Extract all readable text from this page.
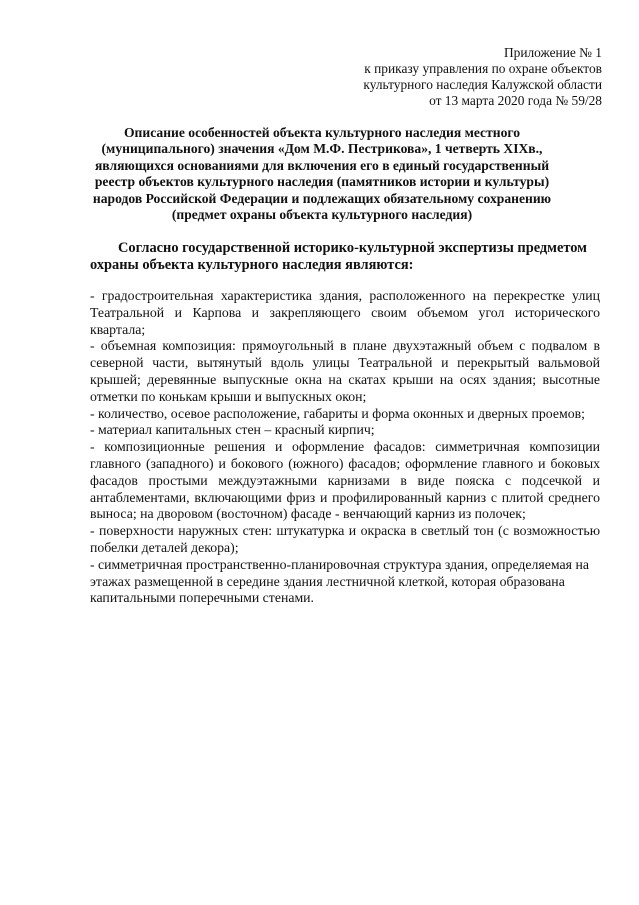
Приложение № 1
к приказу управления по охране объектов
культурного наследия Калужской области
от 13 марта 2020 года № 59/28
Описание особенностей объекта культурного наследия местного
(муниципального) значения «Дом М.Ф. Пестрикова», 1 четверть XIXв.,
являющихся основаниями для включения его в единый государственный
реестр объектов культурного наследия (памятников истории и культуры)
народов Российской Федерации и подлежащих обязательному сохранению
(предмет охраны объекта культурного наследия)
Согласно государственной историко-культурной экспертизы предметом
охраны объекта культурного наследия являются:

- градостроительная характеристика здания, расположенного на перекрестке улиц Театральной и Карпова и закрепляющего своим объемом угол исторического квартала;

- объемная композиция: прямоугольный в плане двухэтажный объем с подвалом в северной части, вытянутый вдоль улицы Театральной и перекрытый вальмовой крышей; деревянные выпускные окна на скатах крыши на осях здания; высотные отметки по конькам крыши и выпускных окон;

- количество, осевое расположение, габариты и форма оконных и дверных проемов;

- материал капитальных стен – красный кирпич;

- композиционные решения и оформление фасадов: симметричная композиции главного (западного) и бокового (южного) фасадов; оформление главного и боковых фасадов простыми междуэтажными карнизами в виде пояска с подсечкой и антаблементами, включающими фриз и профилированный карниз с плитой среднего выноса; на дворовом (восточном) фасаде - венчающий карниз из полочек;

- поверхности наружных стен: штукатурка и окраска в светлый тон (с возможностью побелки деталей декора);

- симметричная пространственно-планировочная структура здания, определяемая на этажах размещенной в середине здания лестничной клеткой, которая образована капитальными поперечными стенами.
